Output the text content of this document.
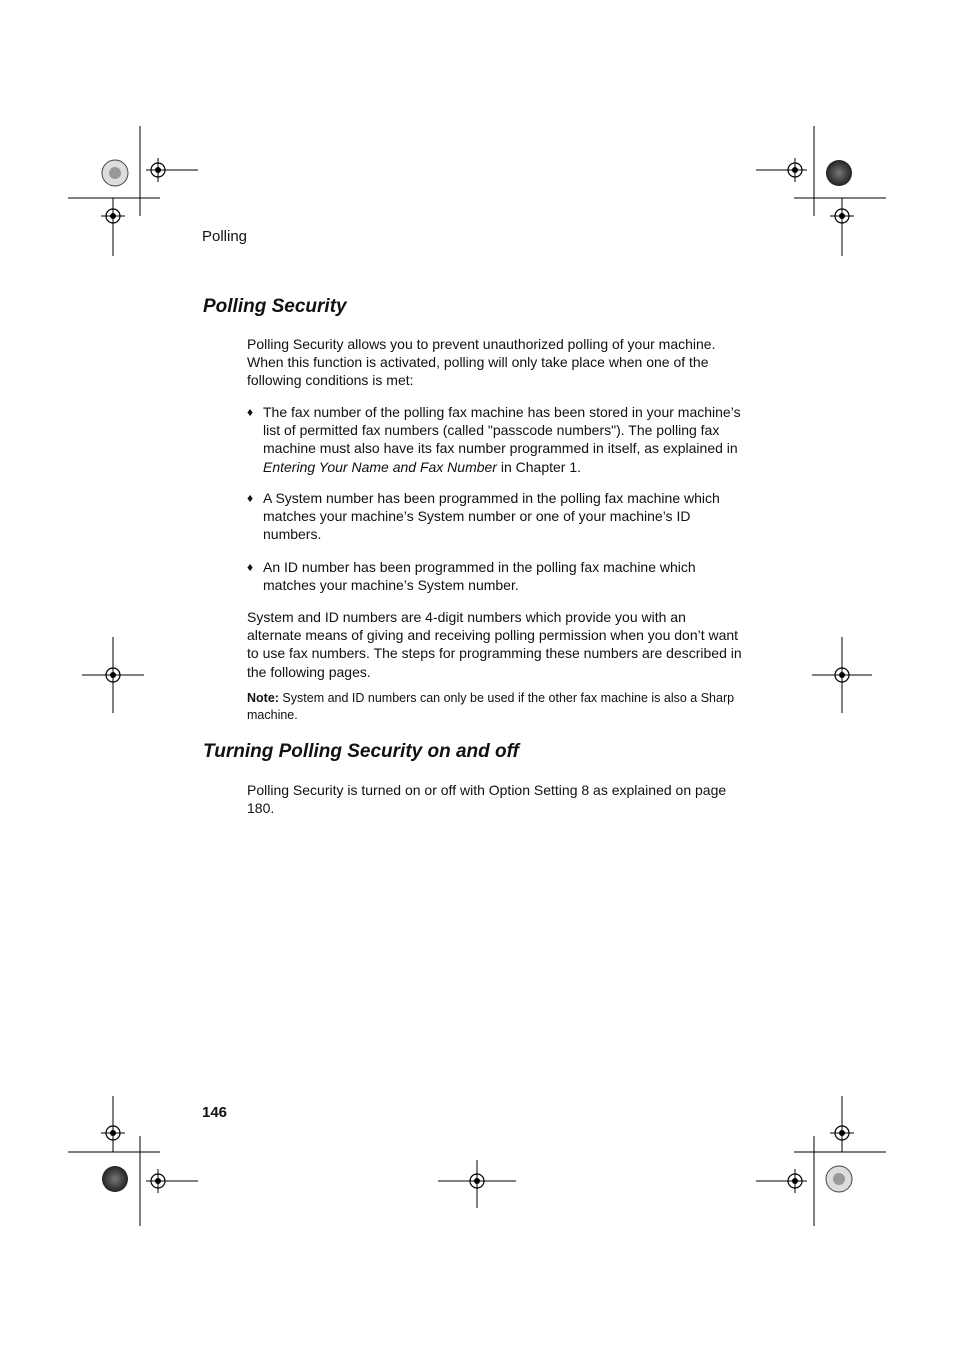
Polling
Polling Security
Polling Security allows you to prevent unauthorized polling of your machine. When this function is activated, polling will only take place when one of the following conditions is met:
♦ The fax number of the polling fax machine has been stored in your machine’s list of permitted fax numbers (called "passcode numbers"). The polling fax machine must also have its fax number programmed in itself, as explained in Entering Your Name and Fax Number in Chapter 1.
♦ A System number has been programmed in the polling fax machine which matches your machine’s System number or one of your machine’s ID numbers.
♦ An ID number has been programmed in the polling fax machine which matches your machine’s System number.
System and ID numbers are 4-digit numbers which provide you with an alternate means of giving and receiving polling permission when you don’t want to use fax numbers. The steps for programming these numbers are described in the following pages.
Note: System and ID numbers can only be used if the other fax machine is also a Sharp machine.
Turning Polling Security on and off
Polling Security is turned on or off with Option Setting 8 as explained on page 180.
146
